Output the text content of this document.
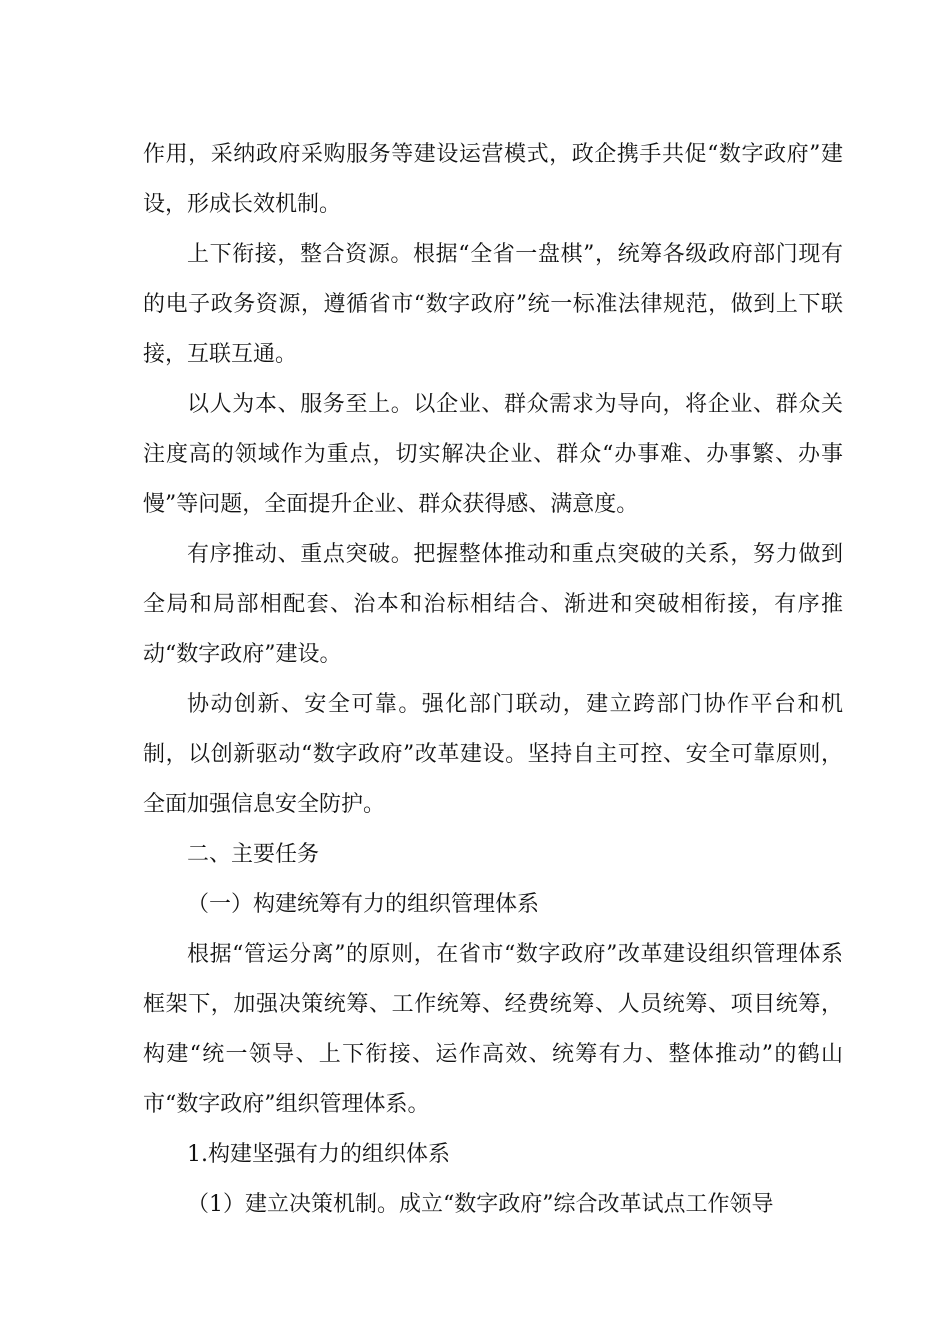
作用，采纳政府采购服务等建设运营模式，政企携手共促“数字政府”建设，形成长效机制。

上下衔接，整合资源。根据“全省一盘棋”，统筹各级政府部门现有的电子政务资源，遵循省市“数字政府”统一标准法律规范，做到上下联接，互联互通。

以人为本、服务至上。以企业、群众需求为导向，将企业、群众关注度高的领域作为重点，切实解决企业、群众“办事难、办事繁、办事慢”等问题，全面提升企业、群众获得感、满意度。

有序推动、重点突破。把握整体推动和重点突破的关系，努力做到全局和局部相配套、治本和治标相结合、渐进和突破相衔接，有序推动“数字政府”建设。

协动创新、安全可靠。强化部门联动，建立跨部门协作平台和机制，以创新驱动“数字政府”改革建设。坚持自主可控、安全可靠原则，全面加强信息安全防护。

二、主要任务

（一）构建统筹有力的组织管理体系

根据“管运分离”的原则，在省市“数字政府”改革建设组织管理体系框架下，加强决策统筹、工作统筹、经费统筹、人员统筹、项目统筹，构建“统一领导、上下衔接、运作高效、统筹有力、整体推动”的鹤山市“数字政府”组织管理体系。

1.构建坚强有力的组织体系

（1）建立决策机制。成立“数字政府”综合改革试点工作领导
